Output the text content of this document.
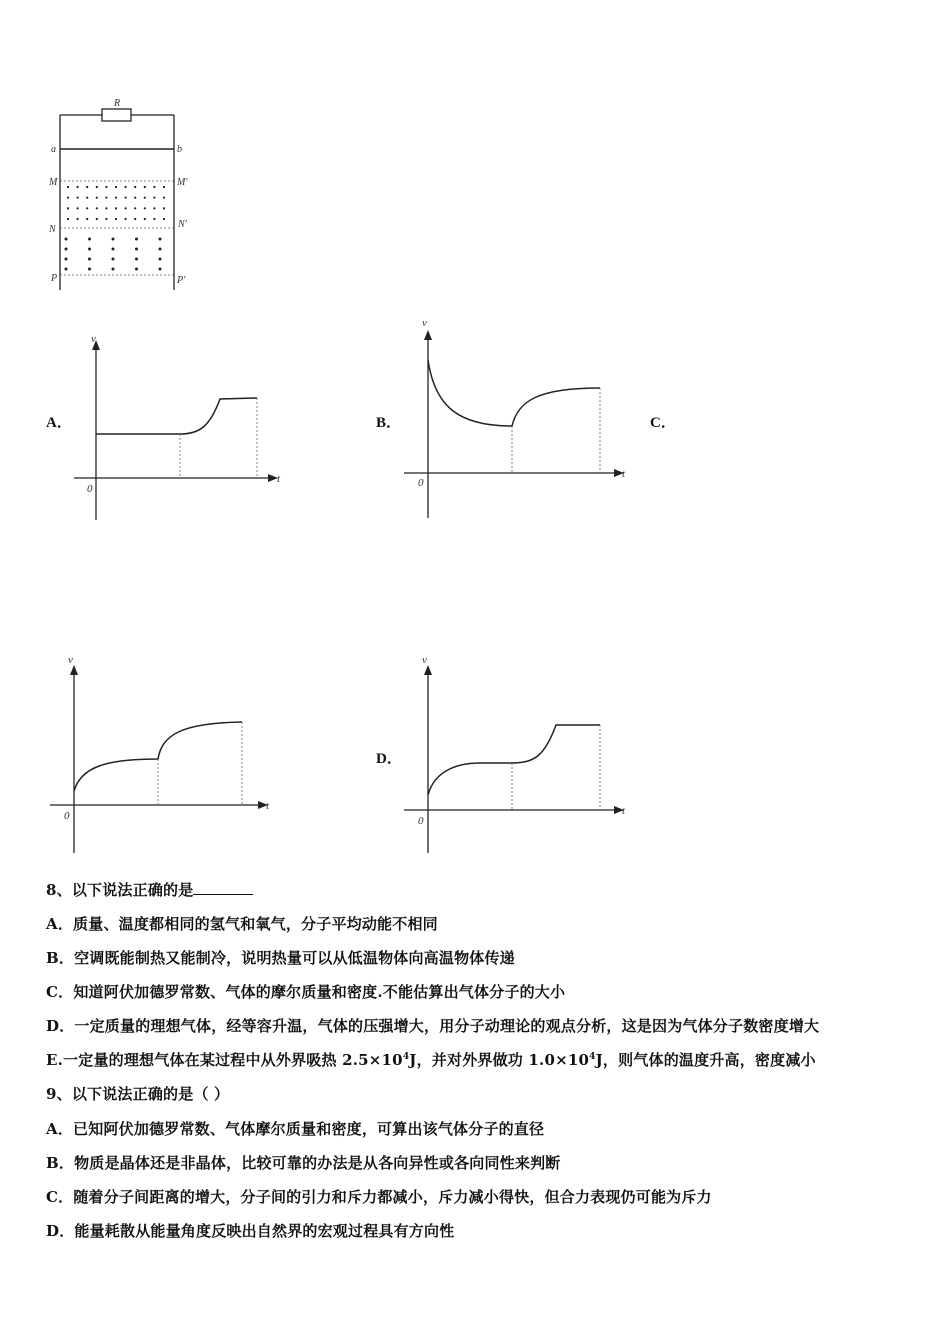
R
a	b
M	M′
N	N′
P	P′
A．	B．	C．
D．
v
t
0
v
t
0
v
t
0
v
t
0
8、以下说法正确的是
A．质量、温度都相同的氢气和氧气，分子平均动能不相同
B．空调既能制热又能制冷，说明热量可以从低温物体向高温物体传递
C．知道阿伏加德罗常数、气体的摩尔质量和密度.不能估算出气体分子的大小
D．一定质量的理想气体，经等容升温，气体的压强增大，用分子动理论的观点分析，这是因为气体分子数密度增大
E.一定量的理想气体在某过程中从外界吸热 $2.5\times 10^4J$，并对外界做功 $1.0\times 10^4J$，则气体的温度升高，密度减小
9、以下说法正确的是（ ）
A．已知阿伏加德罗常数、气体摩尔质量和密度，可算出该气体分子的直径
B．物质是晶体还是非晶体，比较可靠的办法是从各向异性或各向同性来判断
C．随着分子间距离的增大，分子间的引力和斥力都减小，斥力减小得快，但合力表现仍可能为斥力
D．能量耗散从能量角度反映出自然界的宏观过程具有方向性
